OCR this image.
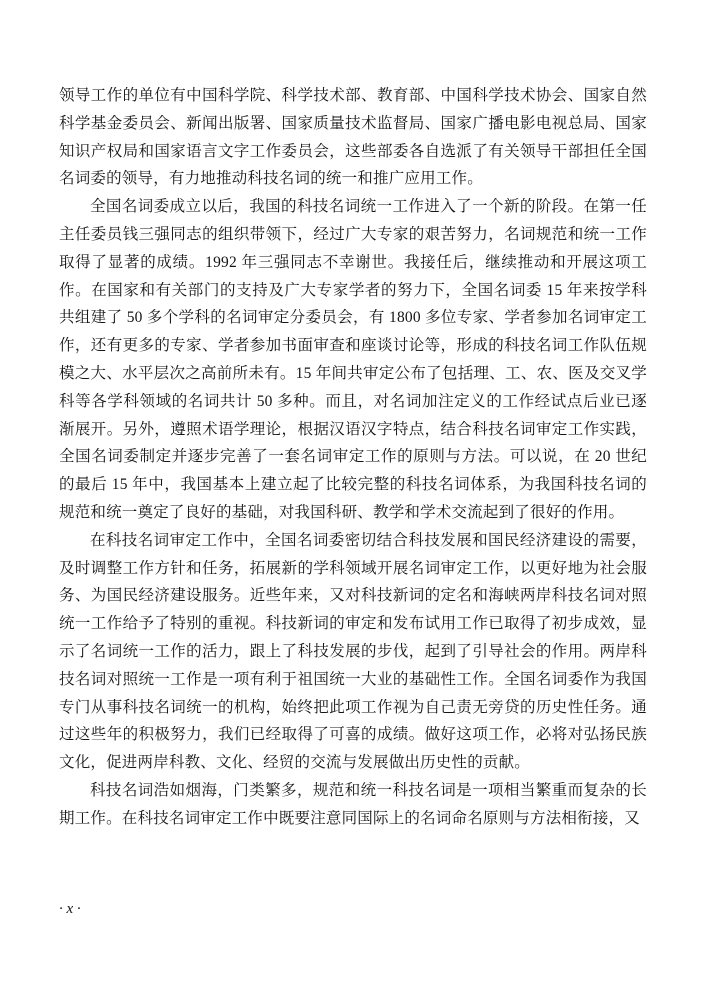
领导工作的单位有中国科学院、科学技术部、教育部、中国科学技术协会、国家自然科学基金委员会、新闻出版署、国家质量技术监督局、国家广播电影电视总局、国家知识产权局和国家语言文字工作委员会，这些部委各自选派了有关领导干部担任全国名词委的领导，有力地推动科技名词的统一和推广应用工作。

全国名词委成立以后，我国的科技名词统一工作进入了一个新的阶段。在第一任主任委员钱三强同志的组织带领下，经过广大专家的艰苦努力，名词规范和统一工作取得了显著的成绩。1992 年三强同志不幸谢世。我接任后，继续推动和开展这项工作。在国家和有关部门的支持及广大专家学者的努力下，全国名词委 15 年来按学科共组建了 50 多个学科的名词审定分委员会，有 1800 多位专家、学者参加名词审定工作，还有更多的专家、学者参加书面审查和座谈讨论等，形成的科技名词工作队伍规模之大、水平层次之高前所未有。15 年间共审定公布了包括理、工、农、医及交叉学科等各学科领域的名词共计 50 多种。而且，对名词加注定义的工作经试点后业已逐渐展开。另外，遵照术语学理论，根据汉语汉字特点，结合科技名词审定工作实践，全国名词委制定并逐步完善了一套名词审定工作的原则与方法。可以说，在 20 世纪的最后 15 年中，我国基本上建立起了比较完整的科技名词体系，为我国科技名词的规范和统一奠定了良好的基础，对我国科研、教学和学术交流起到了很好的作用。

在科技名词审定工作中，全国名词委密切结合科技发展和国民经济建设的需要，及时调整工作方针和任务，拓展新的学科领域开展名词审定工作，以更好地为社会服务、为国民经济建设服务。近些年来，又对科技新词的定名和海峡两岸科技名词对照统一工作给予了特别的重视。科技新词的审定和发布试用工作已取得了初步成效，显示了名词统一工作的活力，跟上了科技发展的步伐，起到了引导社会的作用。两岸科技名词对照统一工作是一项有利于祖国统一大业的基础性工作。全国名词委作为我国专门从事科技名词统一的机构，始终把此项工作视为自己责无旁贷的历史性任务。通过这些年的积极努力，我们已经取得了可喜的成绩。做好这项工作，必将对弘扬民族文化，促进两岸科教、文化、经贸的交流与发展做出历史性的贡献。

科技名词浩如烟海，门类繁多，规范和统一科技名词是一项相当繁重而复杂的长期工作。在科技名词审定工作中既要注意同国际上的名词命名原则与方法相衔接，又

· x ·
